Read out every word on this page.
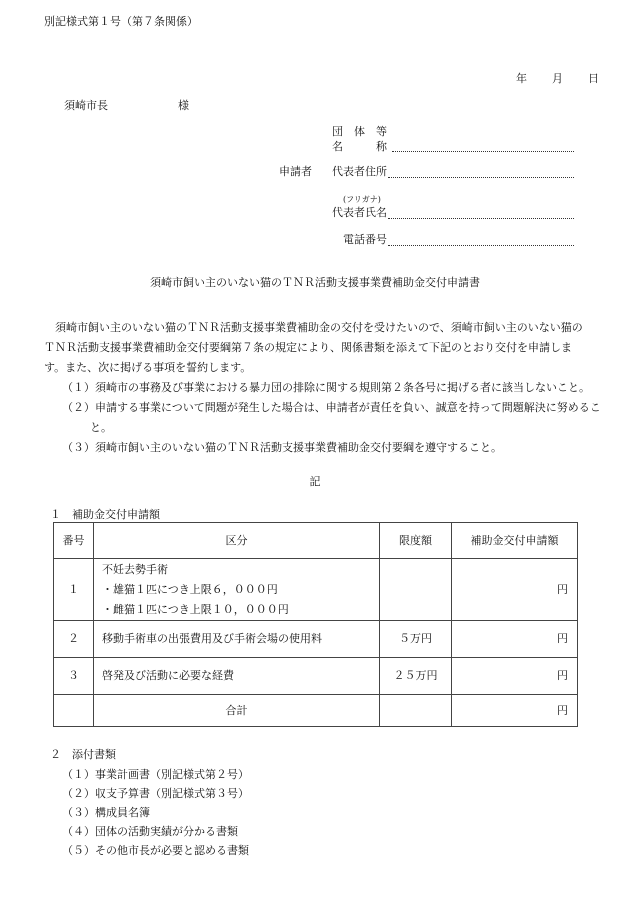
別記様式第１号（第７条関係）
年 月 日
須崎市長	様
団　体　等
名　　　称
申請者 代表者住所
(フリガナ)
代表者氏名
電話番号
須崎市飼い主のいない猫のＴＮＲ活動支援事業費補助金交付申請書
須崎市飼い主のいない猫のＴＮＲ活動支援事業費補助金の交付を受けたいので、須崎市飼い主のいない猫のＴＮＲ活動支援事業費補助金交付要綱第７条の規定により、関係書類を添えて下記のとおり交付を申請します。また、次に掲げる事項を誓約します。
（１）須崎市の事務及び事業における暴力団の排除に関する規則第２条各号に掲げる者に該当しないこと。
（２）申請する事業について問題が発生した場合は、申請者が責任を負い、誠意を持って問題解決に努めること。
（３）須崎市飼い主のいない猫のＴＮＲ活動支援事業費補助金交付要綱を遵守すること。
記
１　補助金交付申請額
番号	区分	限度額	補助金交付申請額
１	不妊去勢手術
・雄猫１匹につき上限６，０００円
・雌猫１匹につき上限１０，０００円		円
２	移動手術車の出張費用及び手術会場の使用料	５万円	円
３	啓発及び活動に必要な経費	２５万円	円
	合計		円
２　添付書類
（１）事業計画書（別記様式第２号）
（２）収支予算書（別記様式第３号）
（３）構成員名簿
（４）団体の活動実績が分かる書類
（５）その他市長が必要と認める書類
